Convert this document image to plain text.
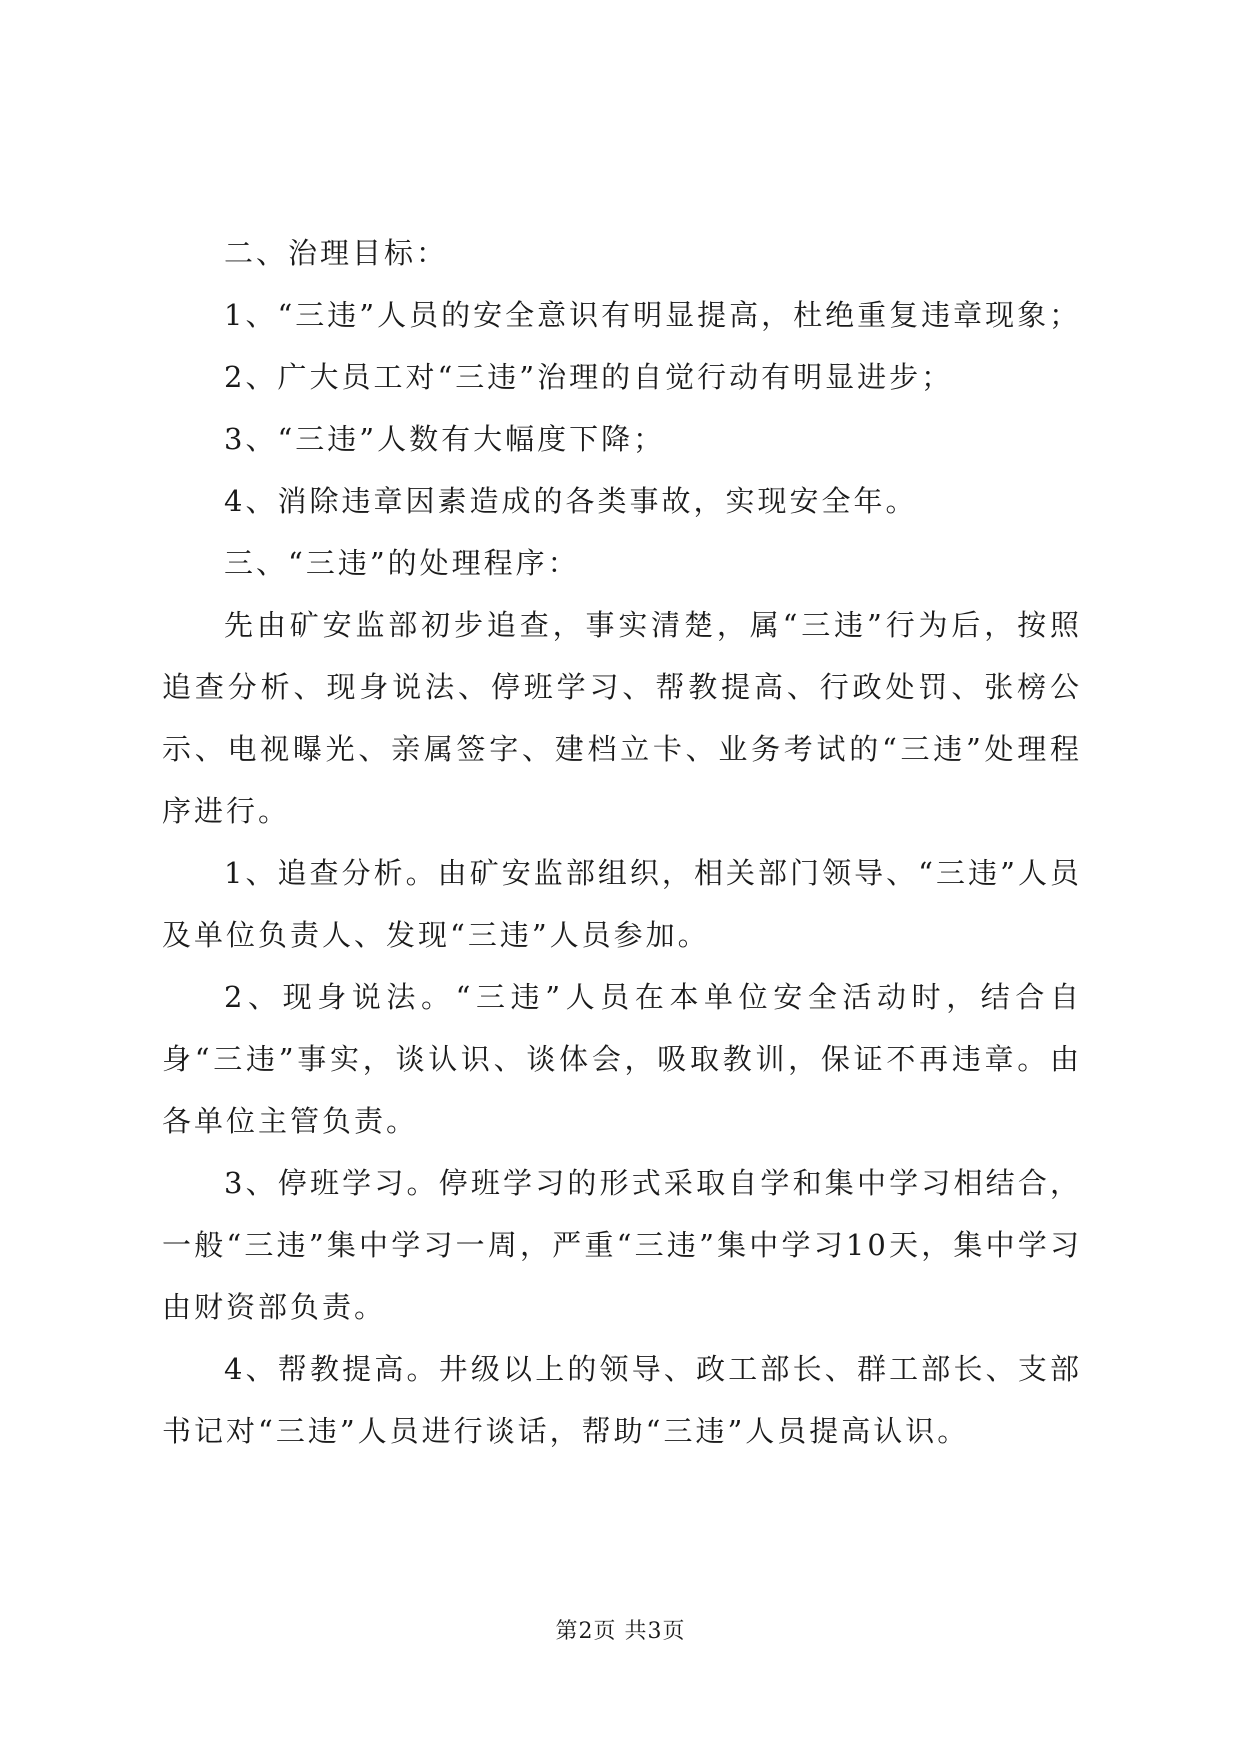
二、治理目标：

1、“三违”人员的安全意识有明显提高，杜绝重复违章现象；

2、广大员工对“三违”治理的自觉行动有明显进步；

3、“三违”人数有大幅度下降；

4、消除违章因素造成的各类事故，实现安全年。

三、“三违”的处理程序：

先由矿安监部初步追查，事实清楚，属“三违”行为后，按照追查分析、现身说法、停班学习、帮教提高、行政处罚、张榜公示、电视曝光、亲属签字、建档立卡、业务考试的“三违”处理程序进行。

1、追查分析。由矿安监部组织，相关部门领导、“三违”人员及单位负责人、发现“三违”人员参加。

2、现身说法。“三违”人员在本单位安全活动时，结合自身“三违”事实，谈认识、谈体会，吸取教训，保证不再违章。由各单位主管负责。

3、停班学习。停班学习的形式采取自学和集中学习相结合，一般“三违”集中学习一周，严重“三违”集中学习10天，集中学习由财资部负责。

4、帮教提高。井级以上的领导、政工部长、群工部长、支部书记对“三违”人员进行谈话，帮助“三违”人员提高认识。

第2页 共3页
